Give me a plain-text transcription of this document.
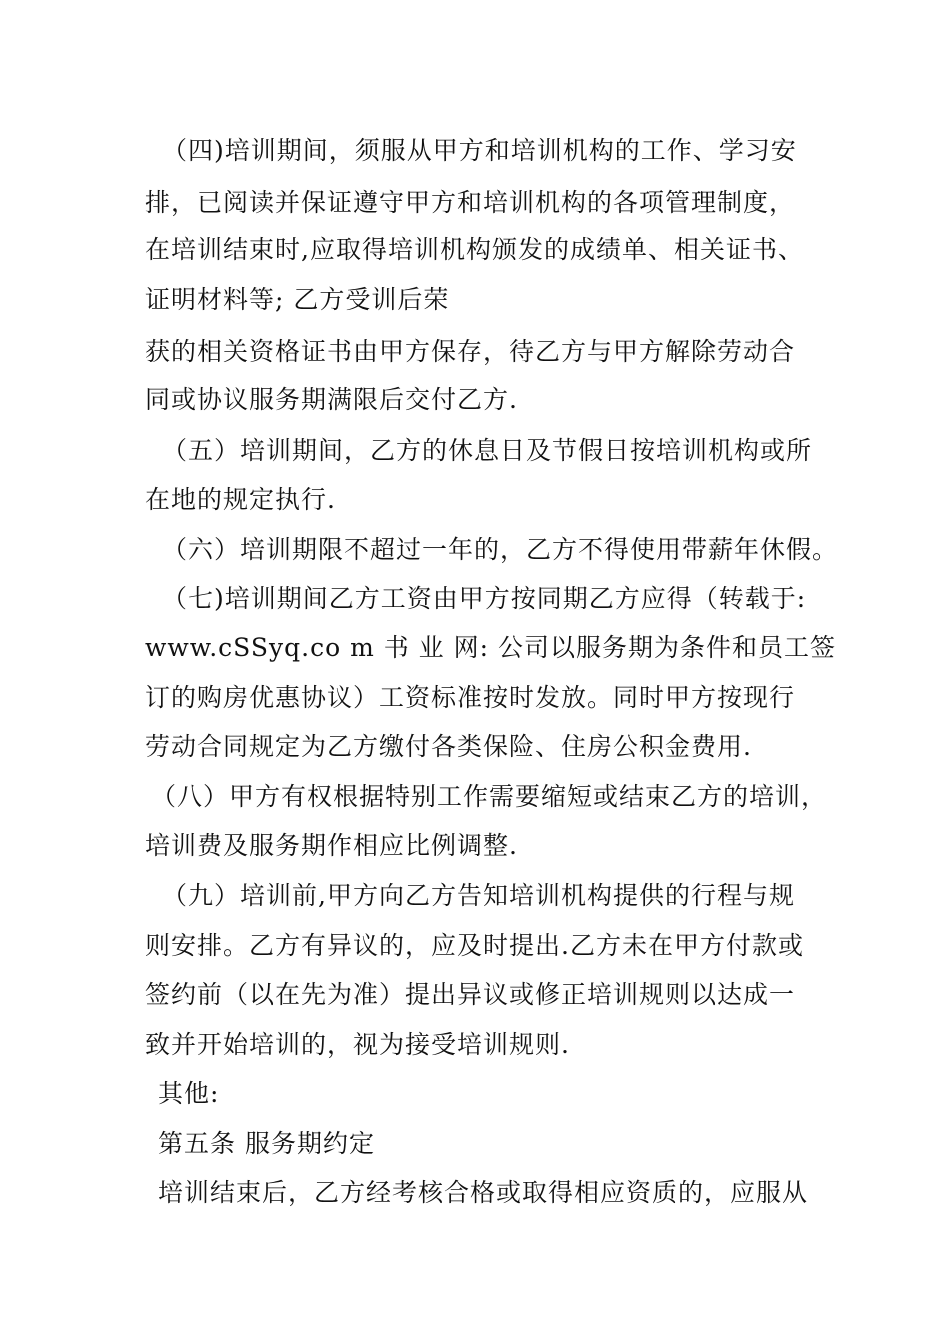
（四)培训期间，须服从甲方和培训机构的工作、学习安
排，已阅读并保证遵守甲方和培训机构的各项管理制度，
在培训结束时,应取得培训机构颁发的成绩单、相关证书、
证明材料等; 乙方受训后荣
获的相关资格证书由甲方保存，待乙方与甲方解除劳动合
同或协议服务期满限后交付乙方.
（五）培训期间，乙方的休息日及节假日按培训机构或所
在地的规定执行.
（六）培训期限不超过一年的，乙方不得使用带薪年休假。
（七)培训期间乙方工资由甲方按同期乙方应得（转载于:
www.cSSyq.co m 书 业 网: 公司以服务期为条件和员工签
订的购房优惠协议）工资标准按时发放。同时甲方按现行
劳动合同规定为乙方缴付各类保险、住房公积金费用.
（八）甲方有权根据特别工作需要缩短或结束乙方的培训，
培训费及服务期作相应比例调整.
（九）培训前,甲方向乙方告知培训机构提供的行程与规
则安排。乙方有异议的，应及时提出.乙方未在甲方付款或
签约前（以在先为准）提出异议或修正培训规则以达成一
致并开始培训的，视为接受培训规则.
其他:
第五条 服务期约定
培训结束后，乙方经考核合格或取得相应资质的，应服从
